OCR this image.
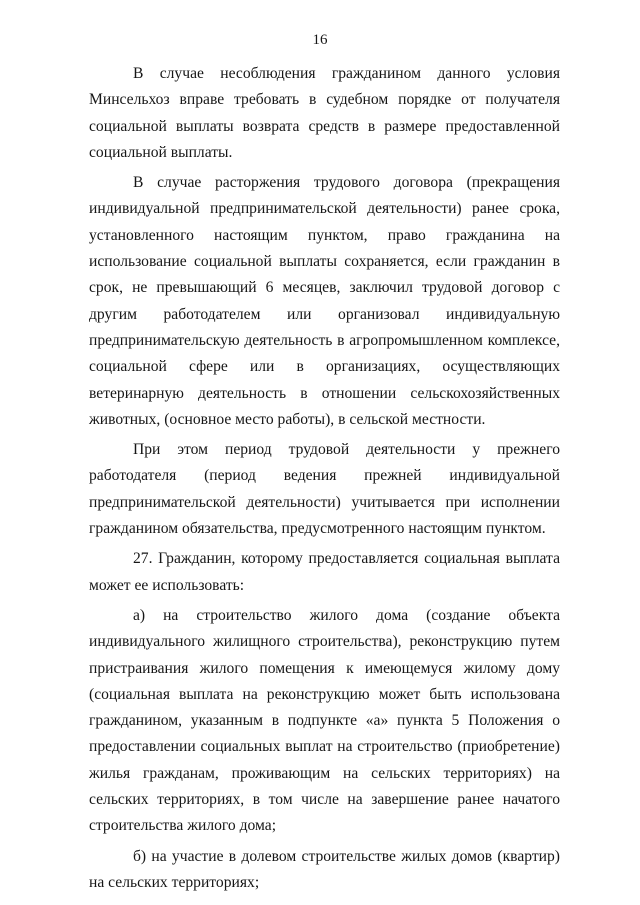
16

В случае несоблюдения гражданином данного условия Минсельхоз вправе требовать в судебном порядке от получателя социальной выплаты возврата средств в размере предоставленной социальной выплаты.

В случае расторжения трудового договора (прекращения индивидуальной предпринимательской деятельности) ранее срока, установленного настоящим пунктом, право гражданина на использование социальной выплаты сохраняется, если гражданин в срок, не превышающий 6 месяцев, заключил трудовой договор с другим работодателем или организовал индивидуальную предпринимательскую деятельность в агропромышленном комплексе, социальной сфере или в организациях, осуществляющих ветеринарную деятельность в отношении сельскохозяйственных животных, (основное место работы), в сельской местности.

При этом период трудовой деятельности у прежнего работодателя (период ведения прежней индивидуальной предпринимательской деятельности) учитывается при исполнении гражданином обязательства, предусмотренного настоящим пунктом.

27. Гражданин, которому предоставляется социальная выплата может ее использовать:

а) на строительство жилого дома (создание объекта индивидуального жилищного строительства), реконструкцию путем пристраивания жилого помещения к имеющемуся жилому дому (социальная выплата на реконструкцию может быть использована гражданином, указанным в подпункте «а» пункта 5 Положения о предоставлении социальных выплат на строительство (приобретение) жилья гражданам, проживающим на сельских территориях) на сельских территориях, в том числе на завершение ранее начатого строительства жилого дома;

б) на участие в долевом строительстве жилых домов (квартир) на сельских территориях;
